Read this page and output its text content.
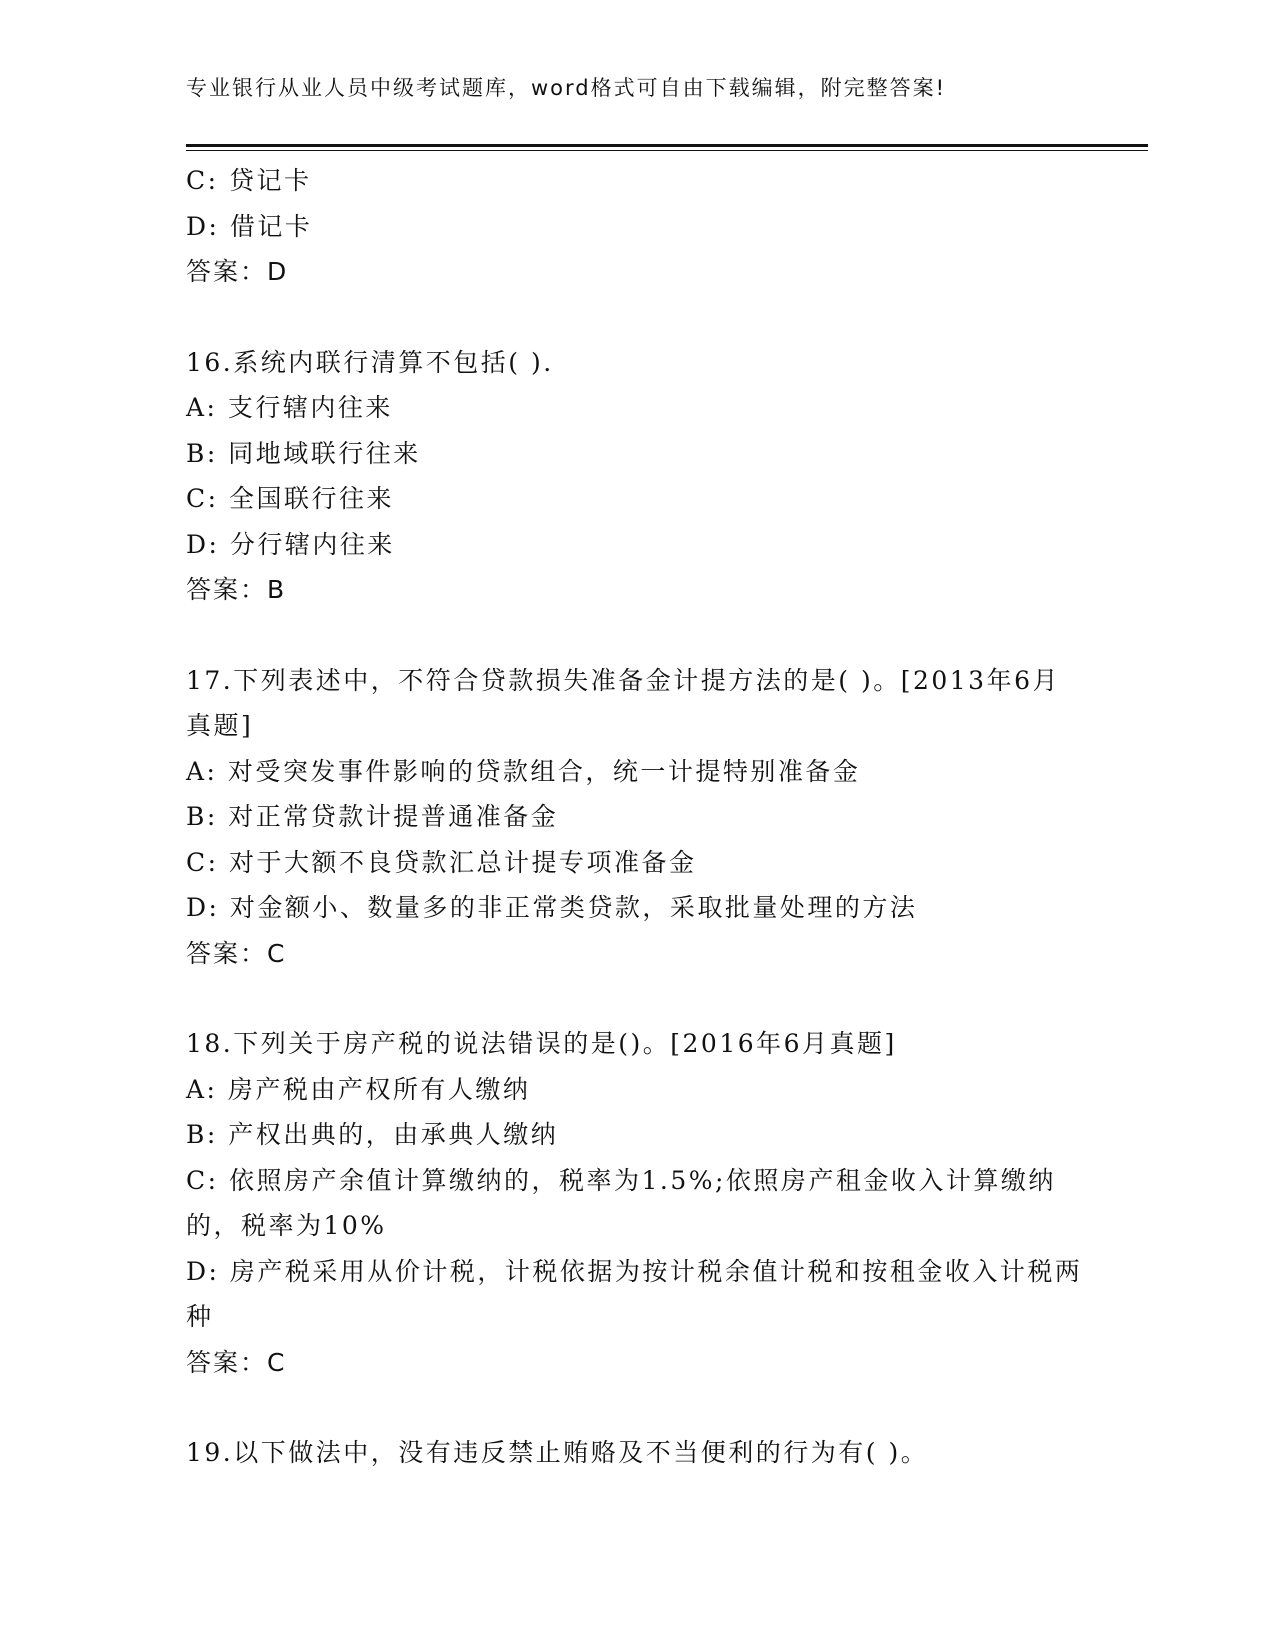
专业银行从业人员中级考试题库，word格式可自由下载编辑，附完整答案!
C: 贷记卡
D: 借记卡
答案：D
16.系统内联行清算不包括( ).
A: 支行辖内往来
B: 同地域联行往来
C: 全国联行往来
D: 分行辖内往来
答案：B
17.下列表述中，不符合贷款损失准备金计提方法的是( )。[2013年6月真题]
A: 对受突发事件影响的贷款组合，统一计提特别准备金
B: 对正常贷款计提普通准备金
C: 对于大额不良贷款汇总计提专项准备金
D: 对金额小、数量多的非正常类贷款，采取批量处理的方法
答案：C
18.下列关于房产税的说法错误的是()。[2016年6月真题]
A: 房产税由产权所有人缴纳
B: 产权出典的，由承典人缴纳
C: 依照房产余值计算缴纳的，税率为1.5%;依照房产租金收入计算缴纳的，税率为10%
D: 房产税采用从价计税，计税依据为按计税余值计税和按租金收入计税两种
答案：C
19.以下做法中，没有违反禁止贿赂及不当便利的行为有( )。
